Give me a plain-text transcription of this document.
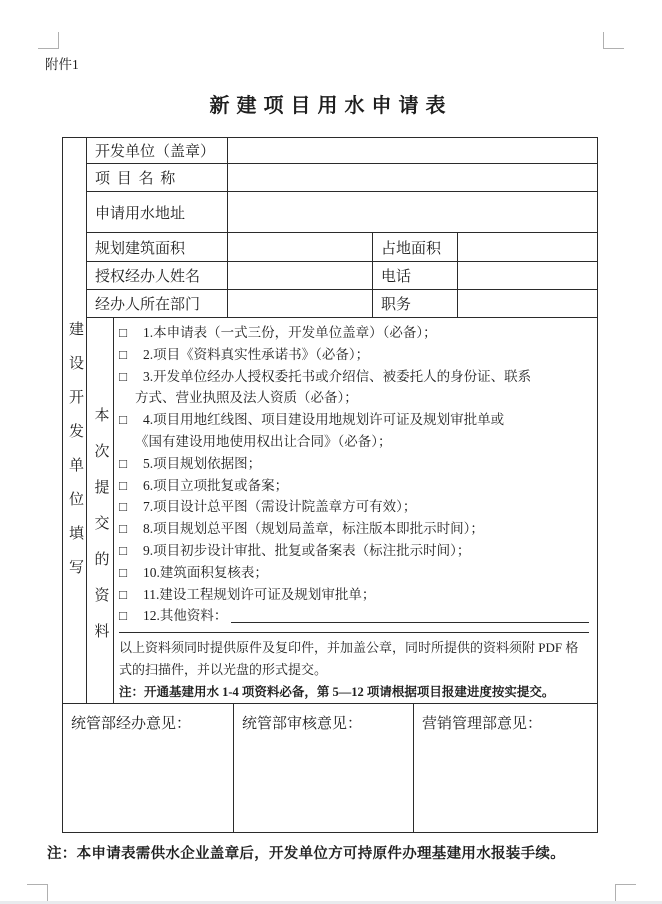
附件1
新建项目用水申请表
建设开发单位填写
开发单位（盖章）
项 目 名 称
申请用水地址
规划建筑面积	占地面积
授权经办人姓名	电话
经办人所在部门	职务
本次提交的资料
□	1.本申请表（一式三份，开发单位盖章）（必备）；
□	2.项目《资料真实性承诺书》（必备）；
□	3.开发单位经办人授权委托书或介绍信、被委托人的身份证、联系
方式、营业执照及法人资质（必备）；
□	4.项目用地红线图、项目建设用地规划许可证及规划审批单或
《国有建设用地使用权出让合同》（必备）；
□	5.项目规划依据图；
□	6.项目立项批复或备案；
□	7.项目设计总平图（需设计院盖章方可有效）；
□	8.项目规划总平图（规划局盖章，标注版本即批示时间）；
□	9.项目初步设计审批、批复或备案表（标注批示时间）；
□	10.建筑面积复核表；
□	11.建设工程规划许可证及规划审批单；
□	12.其他资料：

以上资料须同时提供原件及复印件，并加盖公章，同时所提供的资料须附 PDF 格式的扫描件，并以光盘的形式提交。

注：开通基建用水 1-4 项资料必备，第 5—12 项请根据项目报建进度按实提交。

统管部经办意见：	统管部审核意见：	营销管理部意见：
注：本申请表需供水企业盖章后，开发单位方可持原件办理基建用水报装手续。
